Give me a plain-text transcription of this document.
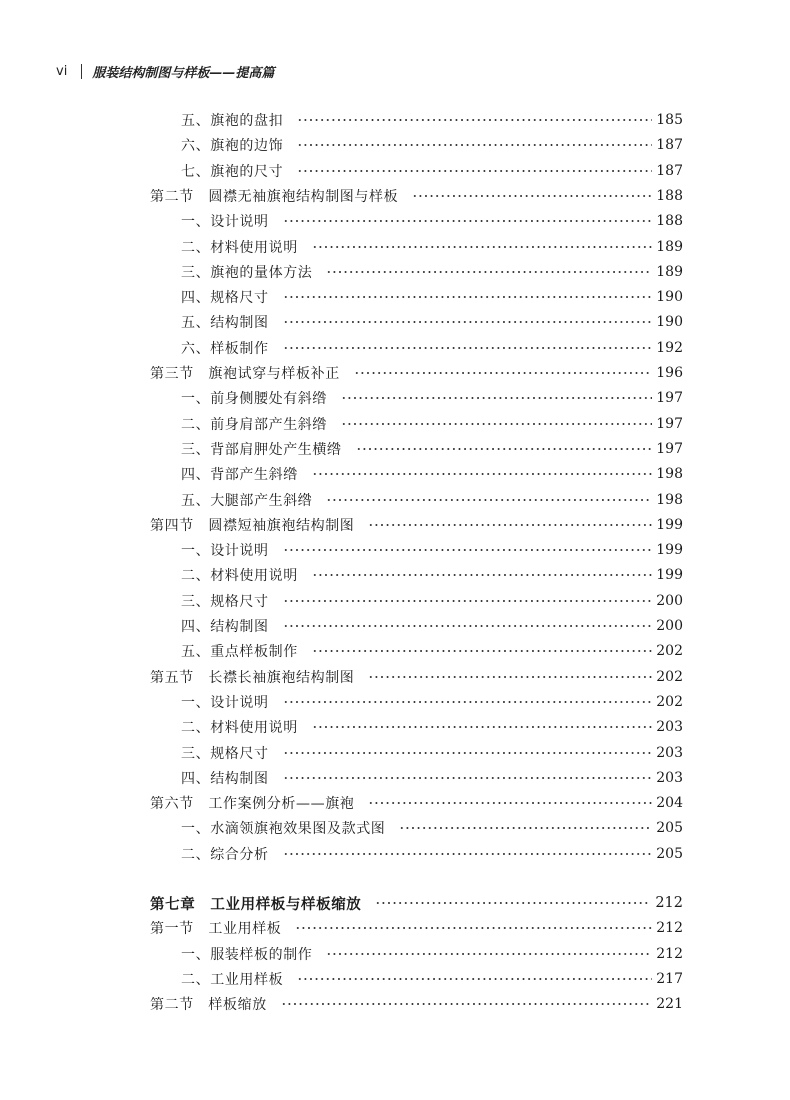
vi 服装结构制图与样板——提高篇
五、旗袍的盘扣	185
六、旗袍的边饰	187
七、旗袍的尺寸	187
第二节　圆襟无袖旗袍结构制图与样板	188
一、设计说明	188
二、材料使用说明	189
三、旗袍的量体方法	189
四、规格尺寸	190
五、结构制图	190
六、样板制作	192
第三节　旗袍试穿与样板补正	196
一、前身侧腰处有斜绺	197
二、前身肩部产生斜绺	197
三、背部肩胛处产生横绺	197
四、背部产生斜绺	198
五、大腿部产生斜绺	198
第四节　圆襟短袖旗袍结构制图	199
一、设计说明	199
二、材料使用说明	199
三、规格尺寸	200
四、结构制图	200
五、重点样板制作	202
第五节　长襟长袖旗袍结构制图	202
一、设计说明	202
二、材料使用说明	203
三、规格尺寸	203
四、结构制图	203
第六节　工作案例分析——旗袍	204
一、水滴领旗袍效果图及款式图	205
二、综合分析	205
第七章　工业用样板与样板缩放	212
第一节　工业用样板	212
一、服装样板的制作	212
二、工业用样板	217
第二节　样板缩放	221
